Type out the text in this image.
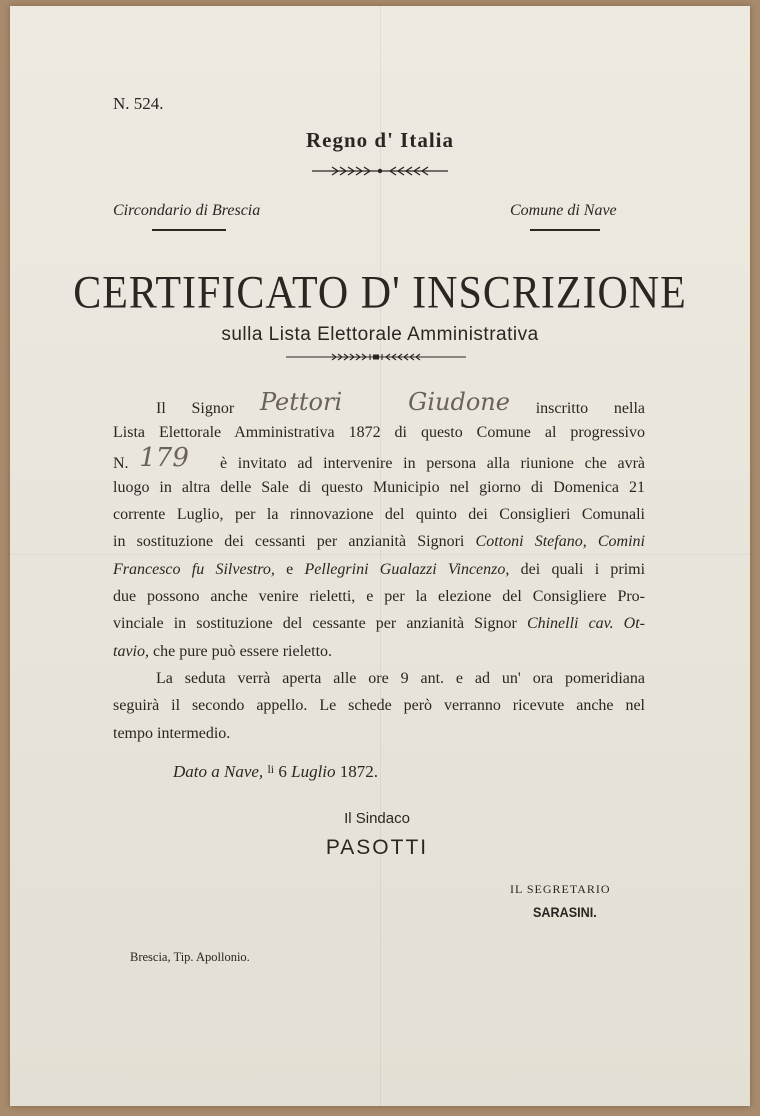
N. 524.
Regno d' Italia
Circondario di Brescia	Comune di Nave
CERTIFICATO D' INSCRIZIONE
sulla Lista Elettorale Amministrativa
Il Signor Pettori Giudone inscritto nella
Lista Elettorale Amministrativa 1872 di questo Comune al progressivo
N. 179 è invitato ad intervenire in persona alla riunione che avrà
luogo in altra delle Sale di questo Municipio nel giorno di Domenica 21
corrente Luglio, per la rinnovazione del quinto dei Consiglieri Comunali
in sostituzione dei cessanti per anzianità Signori Cottoni Stefano, Comini
Francesco fu Silvestro, e Pellegrini Gualazzi Vincenzo, dei quali i primi
due possono anche venire rieletti, e per la elezione del Consigliere Pro-
vinciale in sostituzione del cessante per anzianità Signor Chinelli cav. Ot-
tavio, che pure può essere rieletto.
La seduta verrà aperta alle ore 9 ant. e ad un' ora pomeridiana
seguirà il secondo appello. Le schede però verranno ricevute anche nel
tempo intermedio.
Dato a Nave, $^{li}$ 6 Luglio 1872.
Il Sindaco
PASOTTI
IL SEGRETARIO
SARASINI.
Brescia, Tip. Apollonio.
